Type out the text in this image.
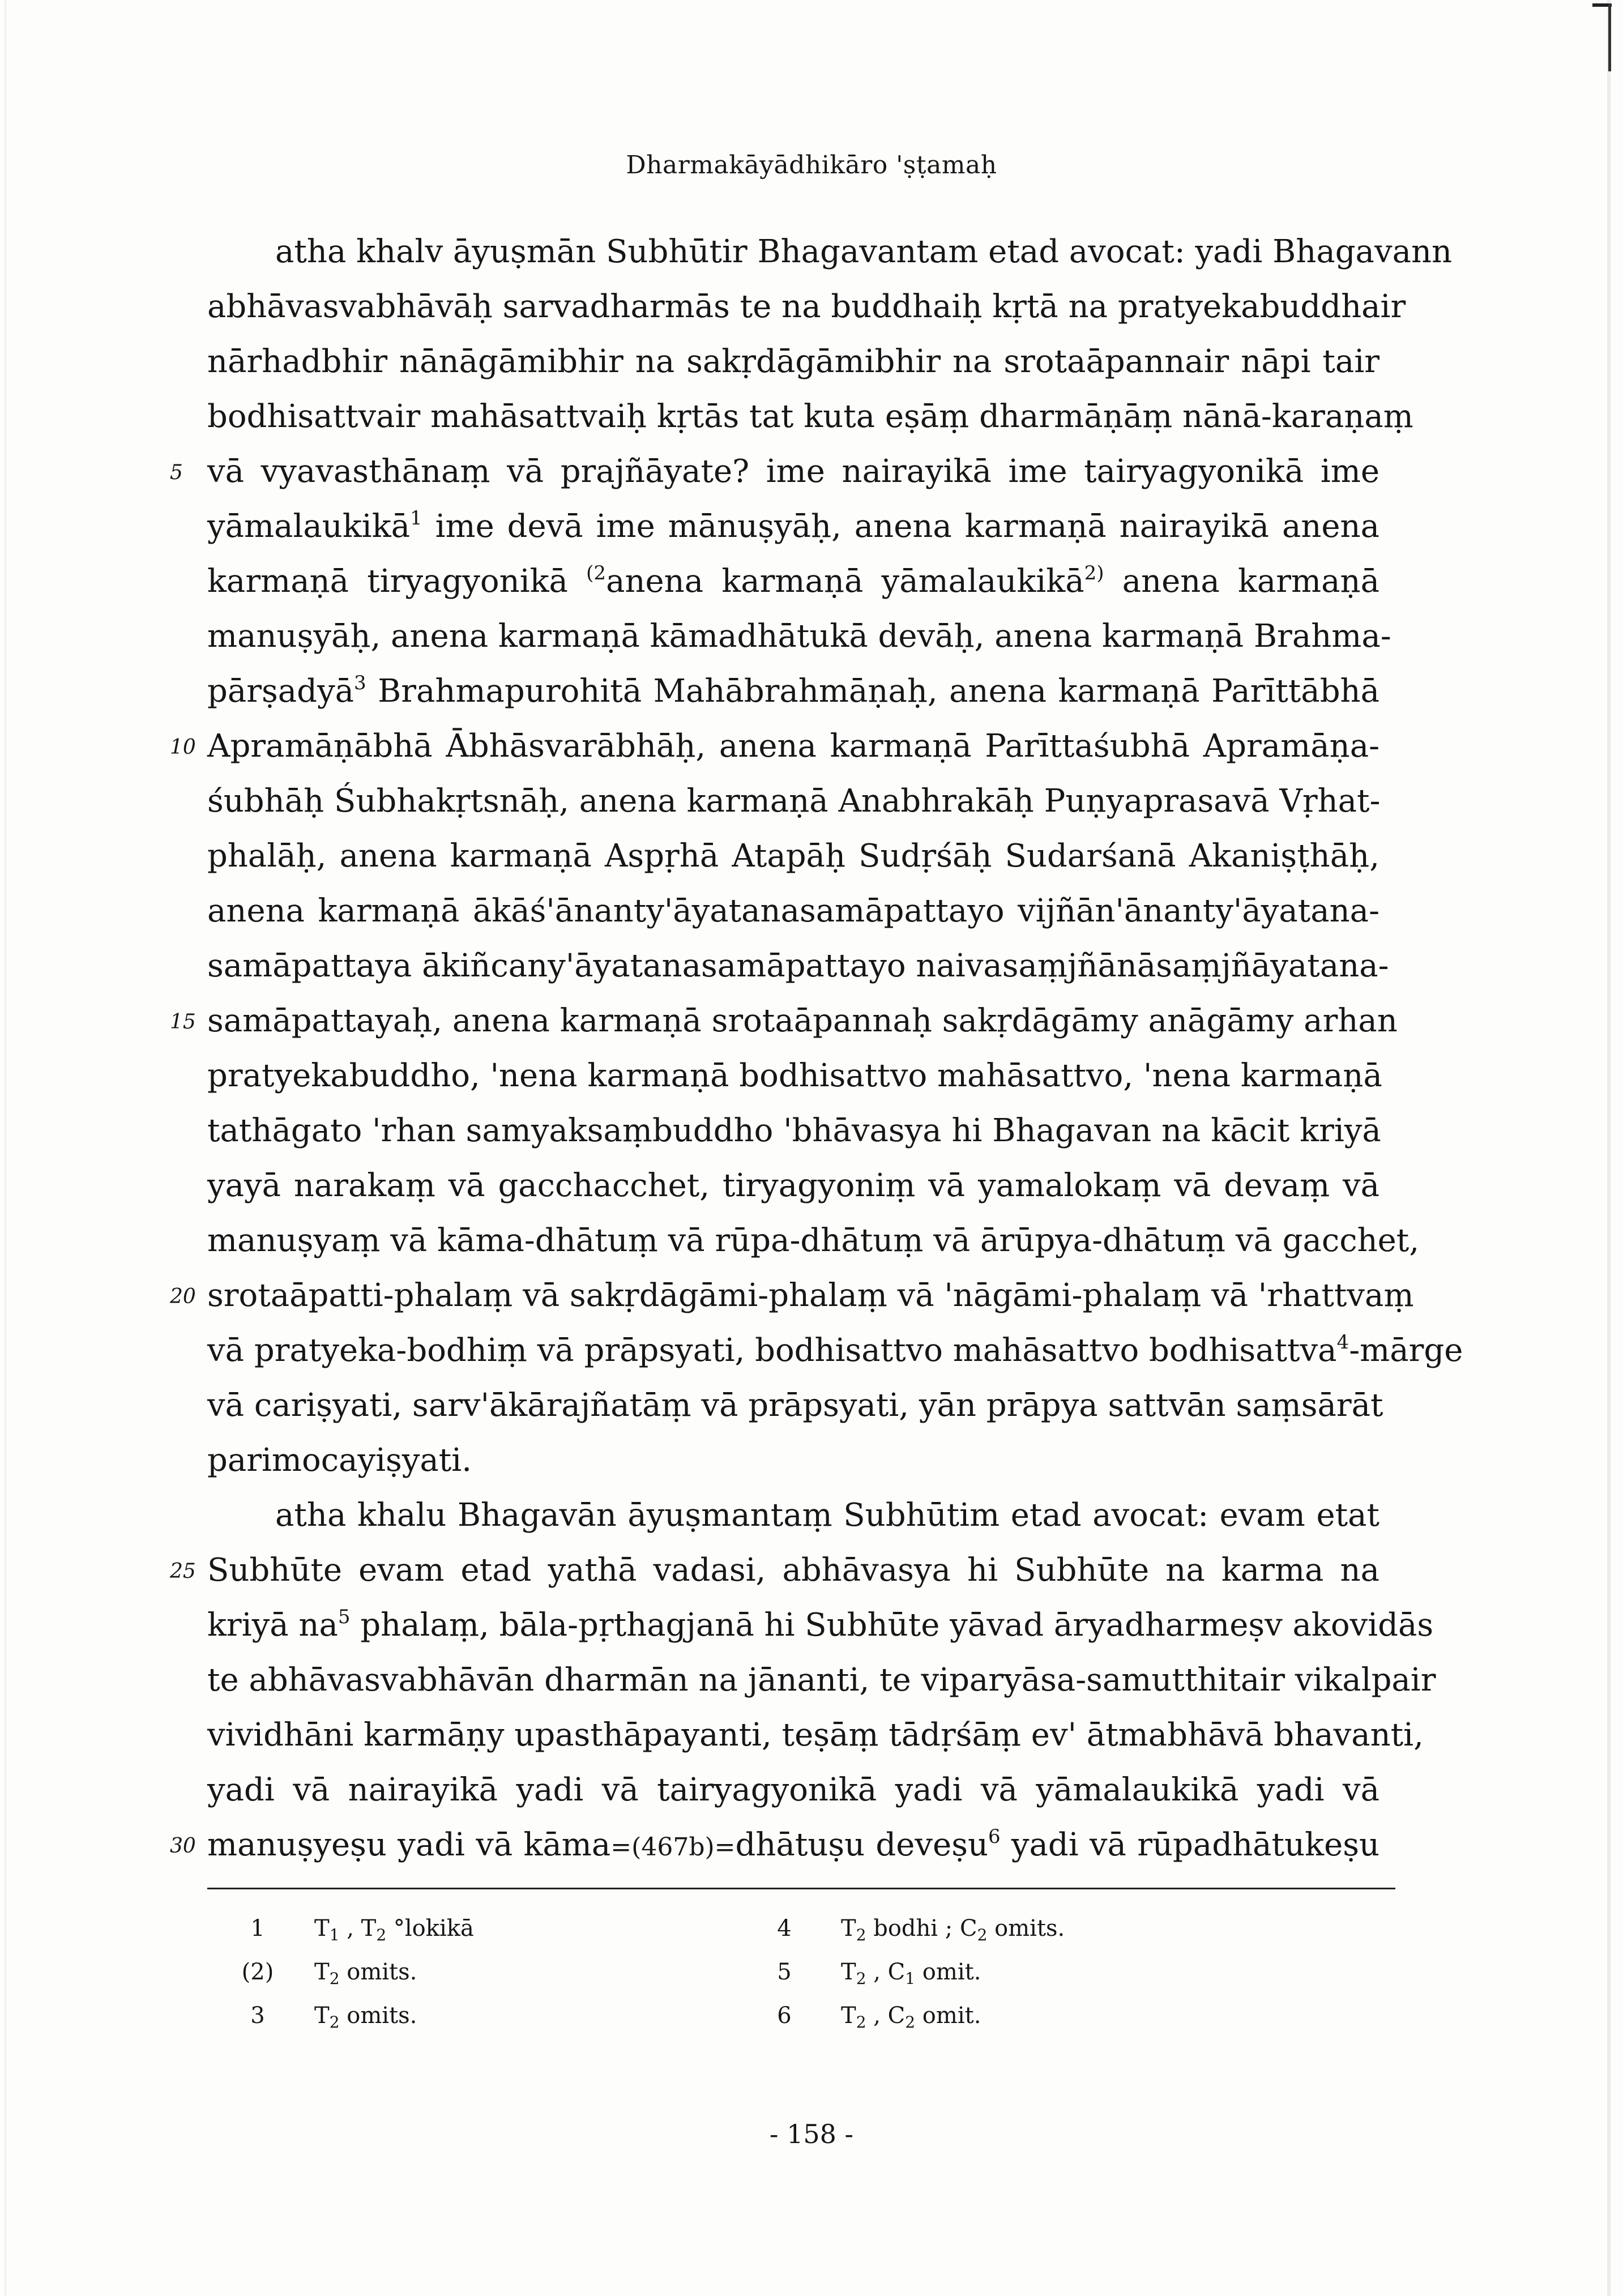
Dharmakāyādhikāro 'ṣṭamaḥ
atha khalv āyuṣmān Subhūtir Bhagavantam etad avocat: yadi Bhagavann
abhāvasvabhāvāḥ sarvadharmās te na buddhaiḥ kṛtā na pratyekabuddhair
nārhadbhir nānāgāmibhir na sakṛdāgāmibhir na srotaāpannair nāpi tair
bodhisattvair mahāsattvaiḥ kṛtās tat kuta eṣāṃ dharmāṇāṃ nānā-karaṇaṃ
vā vyavasthānaṃ vā prajñāyate? ime nairayikā ime tairyagyonikā ime
yāmalaukikā$^1$ ime devā ime mānuṣyāḥ, anena karmaṇā nairayikā anena
karmaṇā tiryagyonikā $^{(2}$anena karmaṇā yāmalaukikā$^{2)}$ anena karmaṇā
manuṣyāḥ, anena karmaṇā kāmadhātukā devāḥ, anena karmaṇā Brahma-
pārṣadyā$^3$ Brahmapurohitā Mahābrahmāṇaḥ, anena karmaṇā Parīttābhā
Apramāṇābhā Ābhāsvarābhāḥ, anena karmaṇā Parīttaśubhā Apramāṇa-
śubhāḥ Śubhakṛtsnāḥ, anena karmaṇā Anabhrakāḥ Puṇyaprasavā Vṛhat-
phalāḥ, anena karmaṇā Aspṛhā Atapāḥ Sudṛśāḥ Sudarśanā Akaniṣṭhāḥ,
anena karmaṇā ākāś'ānanty'āyatanasamāpattayo vijñān'ānanty'āyatana-
samāpattaya ākiñcany'āyatanasamāpattayo naivasaṃjñānāsaṃjñāyatana-
samāpattayaḥ, anena karmaṇā srotaāpannaḥ sakṛdāgāmy anāgāmy arhan
pratyekabuddho, 'nena karmaṇā bodhisattvo mahāsattvo, 'nena karmaṇā
tathāgato 'rhan samyaksaṃbuddho 'bhāvasya hi Bhagavan na kācit kriyā
yayā narakaṃ vā gacchacchet, tiryagyoniṃ vā yamalokaṃ vā devaṃ vā
manuṣyaṃ vā kāma-dhātuṃ vā rūpa-dhātuṃ vā ārūpya-dhātuṃ vā gacchet,
srotaāpatti-phalaṃ vā sakṛdāgāmi-phalaṃ vā 'nāgāmi-phalaṃ vā 'rhattvaṃ
vā pratyeka-bodhiṃ vā prāpsyati, bodhisattvo mahāsattvo bodhisattva$^4$-mārge
vā cariṣyati, sarv'ākārajñatāṃ vā prāpsyati, yān prāpya sattvān saṃsārāt
parimocayiṣyati.
atha khalu Bhagavān āyuṣmantaṃ Subhūtim etad avocat: evam etat
Subhūte evam etad yathā vadasi, abhāvasya hi Subhūte na karma na
kriyā $na^5$ phalaṃ, bāla-pṛthagjanā hi Subhūte yāvad āryadharmeṣv akovidās
te abhāvasvabhāvān dharmān na jānanti, te viparyāsa-samutthitair vikalpair
vividhāni karmāṇy upasthāpayanti, teṣāṃ tādṛśāṃ ev' ātmabhāvā bhavanti,
yadi vā nairayikā yadi vā tairyagyonikā yadi vā yāmalaukikā yadi vā
manuṣyeṣu yadi vā kāma=(467b)=dhātuṣu deveṣu$^6$ yadi vā rūpadhātukeṣu
5
10
15
20
25
30
1	$T_1$ , $T_2$ °lokikā
(2)	$T_2$ omits.
3	$T_2$ omits.
4	$T_2$ bodhi ; $C_2$ omits.
5	$T_2$ , $C_1$ omit.
6	$T_2$ , $C_2$ omit.
- 158 -
